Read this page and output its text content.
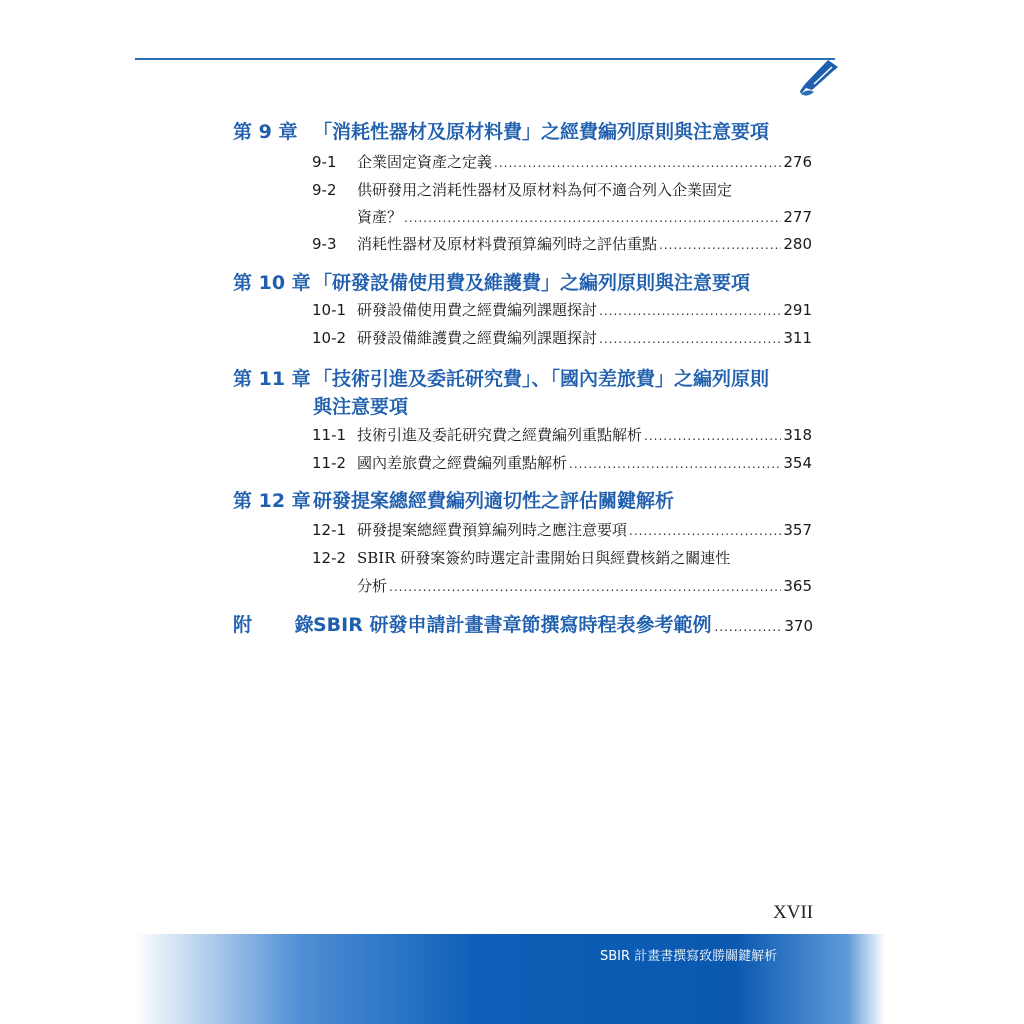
第 9 章 「消耗性器材及原材料費」之經費編列原則與注意要項
9-1	企業固定資產之定義 .....	276
9-2	供研發用之消耗性器材及原材料為何不適合列入企業固定
資產？ .....	277
9-3	消耗性器材及原材料費預算編列時之評估重點 .....	280
第 10 章 「研發設備使用費及維護費」之編列原則與注意要項
10-1 研發設備使用費之經費編列課題探討 .....	291
10-2 研發設備維護費之經費編列課題探討 .....	311
第 11 章 「技術引進及委託研究費」、「國內差旅費」之編列原則
與注意要項
11-1 技術引進及委託研究費之經費編列重點解析 .....	318
11-2 國內差旅費之經費編列重點解析 .....	354
第 12 章 研發提案總經費編列適切性之評估關鍵解析
12-1 研發提案總經費預算編列時之應注意要項 .....	357
12-2 SBIR 研發案簽約時選定計畫開始日與經費核銷之關連性
分析 .....	365
附 錄
SBIR 研發申請計畫書章節撰寫時程表參考範例 .....	370
XVII
SBIR 計畫書撰寫致勝關鍵解析
